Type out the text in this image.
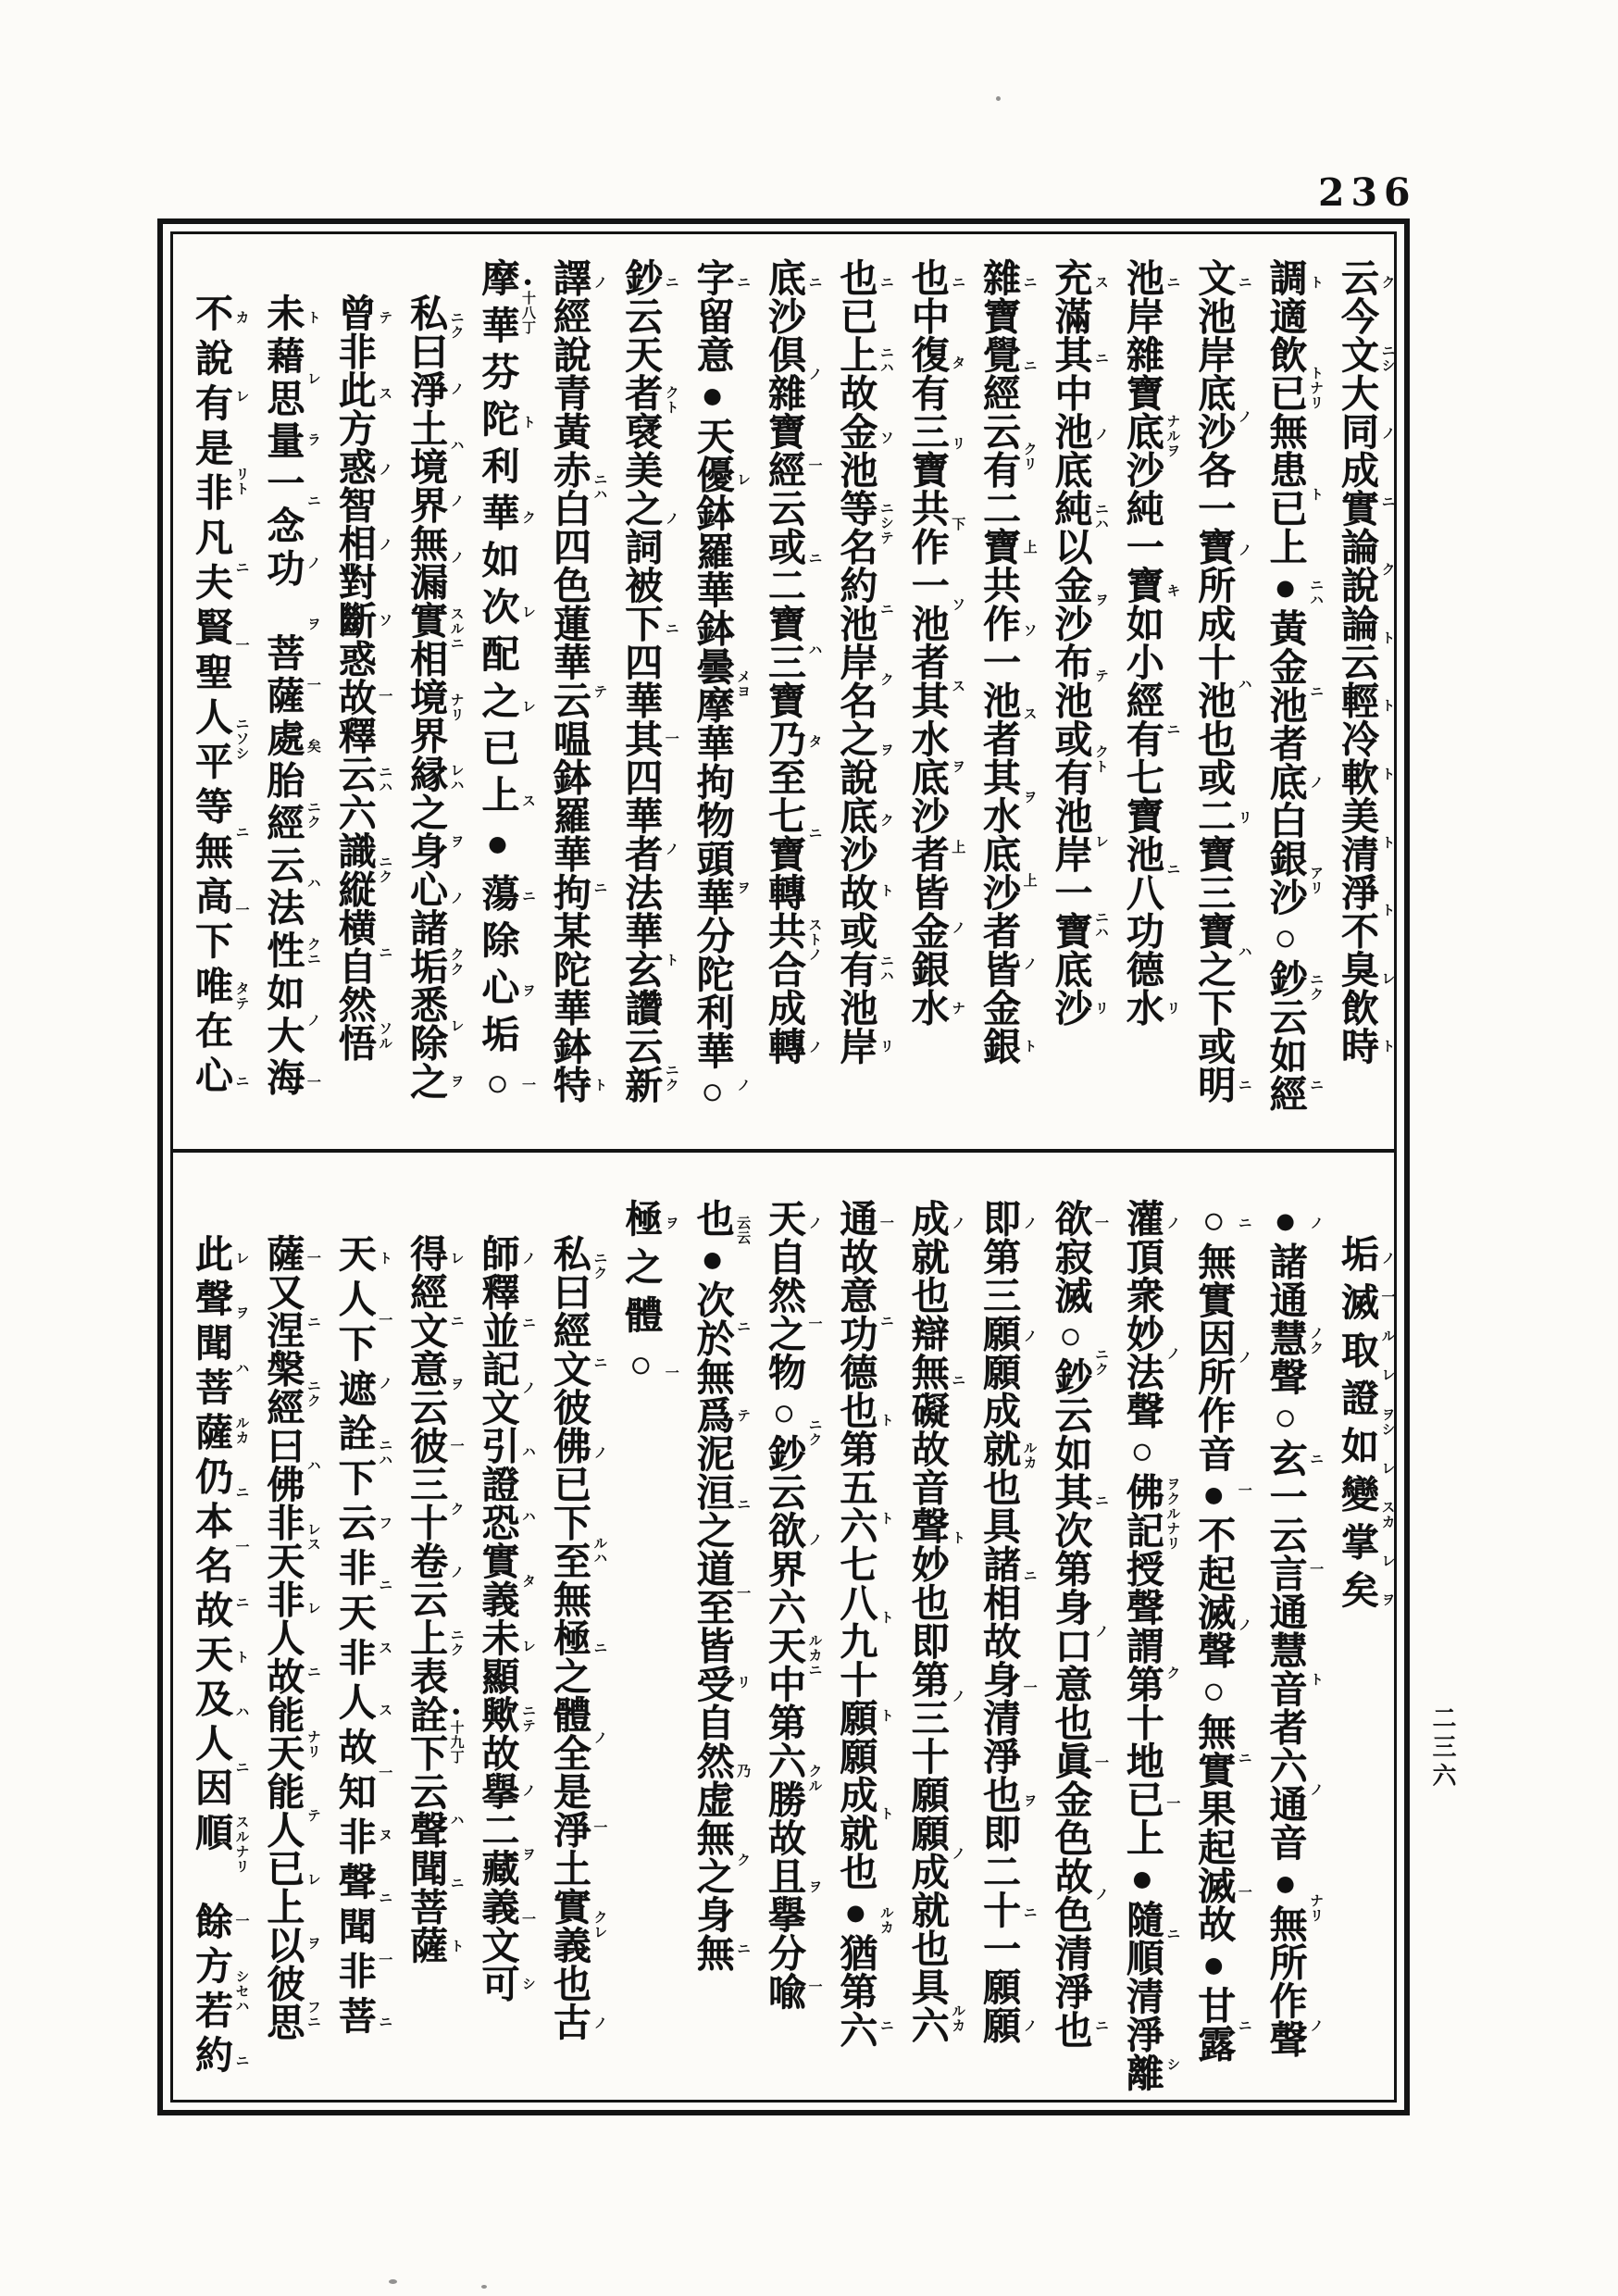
236
云今文大同成實論說論云輕冷軟美清淨不臭飲時 ク
ニシ
ノ
ニ
ク
ト
ト
ト
ト
ト
レ
ト
調適飲已無患已上●黃金池者底白銀沙○鈔云如經 ト
トナリ
ト
ニハ
ニ
ノ
アリ
ニク
ニ
文池岸底沙各一寶所成十池也或二寶三寶之下或明 ニ
ノ
ノ
ハ
リ
ハ
ニ
池岸雜寶底沙純一寶如小經有七寶池八功德水 ニ
ナルヲ
キ
ニ
ニ
リ
充滿其中池底純以金沙布池或有池岸一寶底沙 ス
ニ
ノ
ニハ
ヲ
テ
クト
レ
ニハ
リ
雜寶覺經云有二寶共作一池者其水底沙者皆金銀 ニ
ニ
クリ
上
ソ
ス
ヲ
上
ノ
ト
也中復有三寶共作一池者其水底沙者皆金銀水 ニ
タ
リ
下
ソ
ス
ヲ
上
ノ
ナ
也已上故金池等名約池岸名之說底沙故或有池岸 ニ
ニハ
ソ
ニシテ
ニ
ク
ヲ
ク
ト
ニハ
リ
底沙倶雜寶經云或二寶三寶乃至七寶轉共合成轉 ニ
ノ
一
ニ
ハ
タ
ニ
ストノ
ノ
字留意●天優鉢羅華鉢曇摩華拘物頭華分陀利華○ ニ
レ
メヨ
ヲ
ノ
鈔云天者裦美之詞被下四華其四華者法華玄讚云新 ニ
クト
ノ
ニ
一
ノ
ト
ニク
譯經說青黃赤白四色蓮華云嗢鉢羅華拘某陀華鉢特 ノ
ニハ
テ
ニ
ト
摩華芬陀利華如次配之已上●蕩除心垢○ ●十八丁
ト
ク
レ
レ
ス
ニ
ヲ
一
私曰淨土境界無漏實相境界縁之身心諸垢悉除之 ニク
ノ
ハ
ノ
ノ
スルニ
ナリ
レハ
ヲ
ノ
クク
レ
ヲ
曾非此方惑智相對斷惑故釋云六識縦横自然悟 テ
ス
ノ
ノ
ソ
一
ニハ
ニク
ニ
ソル
未藉思量一念功　菩薩處胎經云法性如大海 ト
レ
ラ
ニ
ノ
ヲ
一
矣
ニク
ハ
クニ
ノ
一
不說有是非凡夫賢聖人平等無高下唯在心 カ
レ
リト
ニ
一
ニソシ
ニ
一
タテ
ニ
垢滅取證如變掌矣 ノ
一
ル
レ
ヲシ
レ
スカ
レ
ヲ
●諸通慧聲○玄一云言通慧音者六通音●無所作聲 ノ
ノク
ニ
一
ト
ノ
ナリ
ノ
○無實因所作音●不起滅聲○無實果起滅故●甘露 ニ
ノ
一
ノ
ニ
一
ニ
灌頂衆妙法聲○佛記授聲謂第十地已上●隨順清淨離 ノ
ノ
ヲクルナリ
ク
一
ニ
シ
欲寂滅○鈔云如其次第身口意也眞金色故色清淨也 一
ニク
ニ
ノ
一
ノ
ニ
即第三願願成就也具諸相故身清淨也即二十一願願 ノ
ノ
ルカ
ニ
一
ヲ
ニ
ノ
成就也辯無礙故音聲妙也即第三十願願成就也具六 ノ
ニ
ト
ノ
ノ
ルカ
通故意功德也第五六七八九十願願成就也●猶第六 一
ニ
ト
ト
ト
ト
ト
ルカ
ニ
天自然之物○鈔云欲界六天中第六勝故且擧分喩 ノ
一
ニク
ノ
ルカニ
クル
ヲ
一
也●次於無爲泥洹之道至皆受自然虚無之身無 云云
ニ
テ
ニ
一
リ
乃
ク
ニ
極之體○ ヲ
一
私曰經文彼佛已下至無極之體全是淨土實義也古 ニク
ニ
ノ
ルハ
ニ
ノ
一
クレ
ノ
師釋並記文引證恐實義未顯歟故擧二藏義文可 ノ
ニ
ノ
ハ
ハ
タ
レ
ニテ
ノ
ヲ
一
シ
得經文意云彼三十卷云上表詮下云聲聞菩薩 レ
ニ
ヲ
一
ク
ノ
ニク
●十九丁
ハ
ニ
ト
天人下遮詮下云非天非人故知非聲聞非菩 ト
一
ノ
ニハ
フ
ニ
ス
ス
一
ヌ
ニ
一
ニ
薩又涅槃經曰佛非天非人故能天能人已上以彼思 一
ニ
ニク
ハ
レス
レ
ニ
ナリ
テ
レ
ヲ
フニ
此聲聞菩薩仍本名故天及人因順　餘方若約 レ
ヲ
ハ
ルカ
ニ
一
ニ
ト
ハ
ニ
スルナリ
一
シセハ
ニ
二三六
